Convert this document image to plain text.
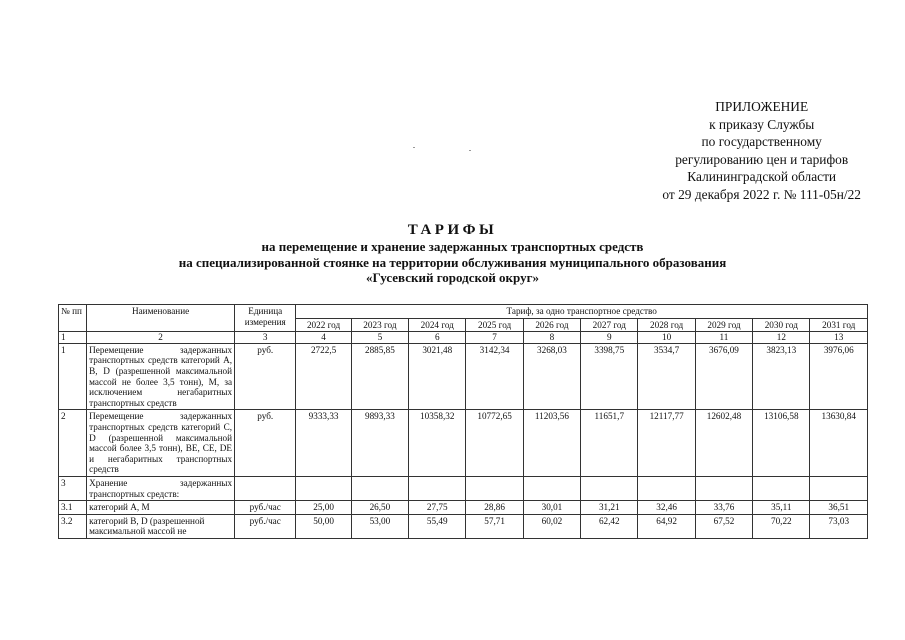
ПРИЛОЖЕНИЕ
к приказу Службы
по государственному
регулированию цен и тарифов
Калининградской области
от 29 декабря 2022 г. № 111-05н/22
ТАРИФЫ
на перемещение и хранение задержанных транспортных средств
на специализированной стоянке на территории обслуживания муниципального образования
«Гусевский городской округ»
№ пп	Наименование	Единица измерения	Тариф, за одно транспортное средство									
			2022 год	2023 год	2024 год	2025 год	2026 год	2027 год	2028 год	2029 год	2030 год	2031 год
1	2	3	4	5	6	7	8	9	10	11	12	13
1	Перемещение задержанных транспортных средств категорий А, В, D (разрешенной максимальной массой не более 3,5 тонн), М, за исключением негабаритных транспортных средств	руб.	2722,5	2885,85	3021,48	3142,34	3268,03	3398,75	3534,7	3676,09	3823,13	3976,06
2	Перемещение задержанных транспортных средств категорий С, D (разрешенной максимальной массой более 3,5 тонн), ВЕ, СЕ, DE и негабаритных транспортных средств	руб.	9333,33	9893,33	10358,32	10772,65	11203,56	11651,7	12117,77	12602,48	13106,58	13630,84
3	Хранение задержанных транспортных средств:											
3.1	категорий А, М	руб./час	25,00	26,50	27,75	28,86	30,01	31,21	32,46	33,76	35,11	36,51
3.2	категорий В, D (разрешенной максимальной массой не	руб./час	50,00	53,00	55,49	57,71	60,02	62,42	64,92	67,52	70,22	73,03
